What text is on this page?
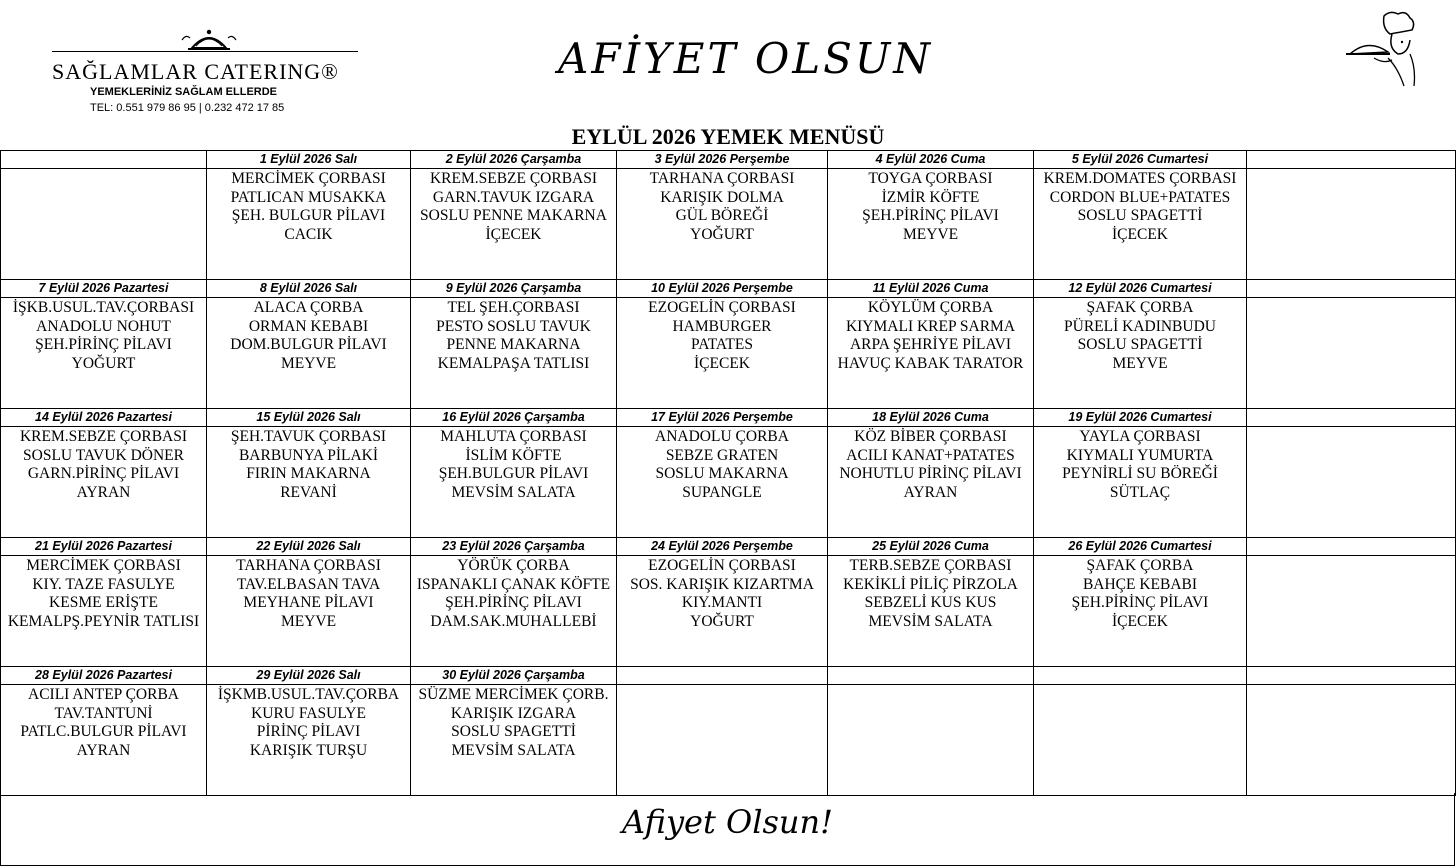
SAĞLAMLAR CATERING®
YEMEKLERİNİZ SAĞLAM ELLERDE
TEL: 0.551 979 86 95 | 0.232 472 17 85
AFİYET OLSUN
EYLÜL 2026 YEMEK MENÜSÜ
	1 Eylül 2026 Salı	2 Eylül 2026 Çarşamba	3 Eylül 2026 Perşembe	4 Eylül 2026 Cuma	5 Eylül 2026 Cumartesi	

	MERCİMEK ÇORBASI
PATLICAN MUSAKKA
ŞEH. BULGUR PİLAVI
CACIK	KREM.SEBZE ÇORBASI
GARN.TAVUK IZGARA
SOSLU PENNE MAKARNA
İÇECEK	TARHANA ÇORBASI
KARIŞIK DOLMA
GÜL BÖREĞİ
YOĞURT	TOYGA ÇORBASI
İZMİR KÖFTE
ŞEH.PİRİNÇ PİLAVI
MEYVE	KREM.DOMATES ÇORBASI
CORDON BLUE+PATATES
SOSLU SPAGETTİ
İÇECEK	

7 Eylül 2026 Pazartesi	8 Eylül 2026 Salı	9 Eylül 2026 Çarşamba	10 Eylül 2026 Perşembe	11 Eylül 2026 Cuma	12 Eylül 2026 Cumartesi	

İŞKB.USUL.TAV.ÇORBASI
ANADOLU NOHUT
ŞEH.PİRİNÇ PİLAVI
YOĞURT	ALACA ÇORBA
ORMAN KEBABI
DOM.BULGUR PİLAVI
MEYVE	TEL ŞEH.ÇORBASI
PESTO SOSLU TAVUK
PENNE MAKARNA
KEMALPAŞA TATLISI	EZOGELİN ÇORBASI
HAMBURGER
PATATES
İÇECEK	KÖYLÜM ÇORBA
KIYMALI KREP SARMA
ARPA ŞEHRİYE PİLAVI
HAVUÇ KABAK TARATOR	ŞAFAK ÇORBA
PÜRELİ KADINBUDU
SOSLU SPAGETTİ
MEYVE	

14 Eylül 2026 Pazartesi	15 Eylül 2026 Salı	16 Eylül 2026 Çarşamba	17 Eylül 2026 Perşembe	18 Eylül 2026 Cuma	19 Eylül 2026 Cumartesi	

KREM.SEBZE ÇORBASI
SOSLU TAVUK DÖNER
GARN.PİRİNÇ PİLAVI
AYRAN	ŞEH.TAVUK ÇORBASI
BARBUNYA PİLAKİ
FIRIN MAKARNA
REVANİ	MAHLUTA ÇORBASI
İSLİM KÖFTE
ŞEH.BULGUR PİLAVI
MEVSİM SALATA	ANADOLU ÇORBA
SEBZE GRATEN
SOSLU MAKARNA
SUPANGLE	KÖZ BİBER ÇORBASI
ACILI KANAT+PATATES
NOHUTLU PİRİNÇ PİLAVI
AYRAN	YAYLA ÇORBASI
KIYMALI YUMURTA
PEYNİRLİ SU BÖREĞİ
SÜTLAÇ	

21 Eylül 2026 Pazartesi	22 Eylül 2026 Salı	23 Eylül 2026 Çarşamba	24 Eylül 2026 Perşembe	25 Eylül 2026 Cuma	26 Eylül 2026 Cumartesi	

MERCİMEK ÇORBASI
KIY. TAZE FASULYE
KESME ERİŞTE
KEMALPŞ.PEYNİR TATLISI	TARHANA ÇORBASI
TAV.ELBASAN TAVA
MEYHANE PİLAVI
MEYVE	YÖRÜK ÇORBA
ISPANAKLI ÇANAK KÖFTE
ŞEH.PİRİNÇ PİLAVI
DAM.SAK.MUHALLEBİ	EZOGELİN ÇORBASI
SOS. KARIŞIK KIZARTMA
KIY.MANTI
YOĞURT	TERB.SEBZE ÇORBASI
KEKİKLİ PİLİÇ PİRZOLA
SEBZELİ KUS KUS
MEVSİM SALATA	ŞAFAK ÇORBA
BAHÇE KEBABI
ŞEH.PİRİNÇ PİLAVI
İÇECEK	

28 Eylül 2026 Pazartesi	29 Eylül 2026 Salı	30 Eylül 2026 Çarşamba				

ACILI ANTEP ÇORBA
TAV.TANTUNİ
PATLC.BULGUR PİLAVI
AYRAN	İŞKMB.USUL.TAV.ÇORBA
KURU FASULYE
PİRİNÇ PİLAVI
KARIŞIK TURŞU	SÜZME MERCİMEK ÇORB.
KARIŞIK IZGARA
SOSLU SPAGETTİ
MEVSİM SALATA				

Afiyet Olsun!
